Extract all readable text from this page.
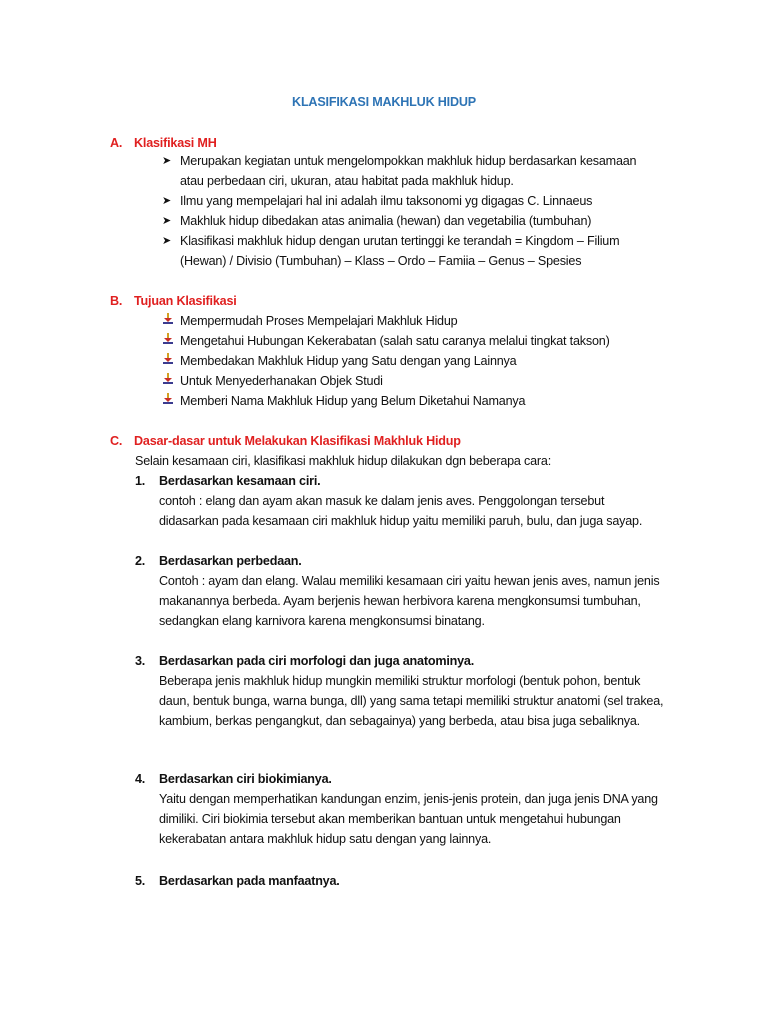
KLASIFIKASI MAKHLUK HIDUP
A. Klasifikasi MH
➤ Merupakan kegiatan untuk mengelompokkan makhluk hidup berdasarkan kesamaan atau perbedaan ciri, ukuran, atau habitat pada makhluk hidup.
➤ Ilmu yang mempelajari hal ini adalah ilmu taksonomi yg digagas C. Linnaeus
➤ Makhluk hidup dibedakan atas animalia (hewan) dan vegetabilia (tumbuhan)
➤ Klasifikasi makhluk hidup dengan urutan tertinggi ke terandah = Kingdom – Filium (Hewan) / Divisio (Tumbuhan) – Klass – Ordo – Famiia – Genus – Spesies
B. Tujuan Klasifikasi
Mempermudah Proses Mempelajari Makhluk Hidup
Mengetahui Hubungan Kekerabatan (salah satu caranya melalui tingkat takson)
Membedakan Makhluk Hidup yang Satu dengan yang Lainnya
Untuk Menyederhanakan Objek Studi
Memberi Nama Makhluk Hidup yang Belum Diketahui Namanya
C. Dasar-dasar untuk Melakukan Klasifikasi Makhluk Hidup
Selain kesamaan ciri, klasifikasi makhluk hidup dilakukan dgn beberapa cara:
1. Berdasarkan kesamaan ciri.
contoh : elang dan ayam akan masuk ke dalam jenis aves. Penggolongan tersebut didasarkan pada kesamaan ciri makhluk hidup yaitu memiliki paruh, bulu, dan juga sayap.
2. Berdasarkan perbedaan.
Contoh : ayam dan elang. Walau memiliki kesamaan ciri yaitu hewan jenis aves, namun jenis makanannya berbeda. Ayam berjenis hewan herbivora karena mengkonsumsi tumbuhan, sedangkan elang karnivora karena mengkonsumsi binatang.
3. Berdasarkan pada ciri morfologi dan juga anatominya.
Beberapa jenis makhluk hidup mungkin memiliki struktur morfologi (bentuk pohon, bentuk daun, bentuk bunga, warna bunga, dll) yang sama tetapi memiliki struktur anatomi (sel trakea, kambium, berkas pengangkut, dan sebagainya) yang berbeda, atau bisa juga sebaliknya.
4. Berdasarkan ciri biokimianya.
Yaitu dengan memperhatikan kandungan enzim, jenis-jenis protein, dan juga jenis DNA yang dimiliki. Ciri biokimia tersebut akan memberikan bantuan untuk mengetahui hubungan kekerabatan antara makhluk hidup satu dengan yang lainnya.
5. Berdasarkan pada manfaatnya.
